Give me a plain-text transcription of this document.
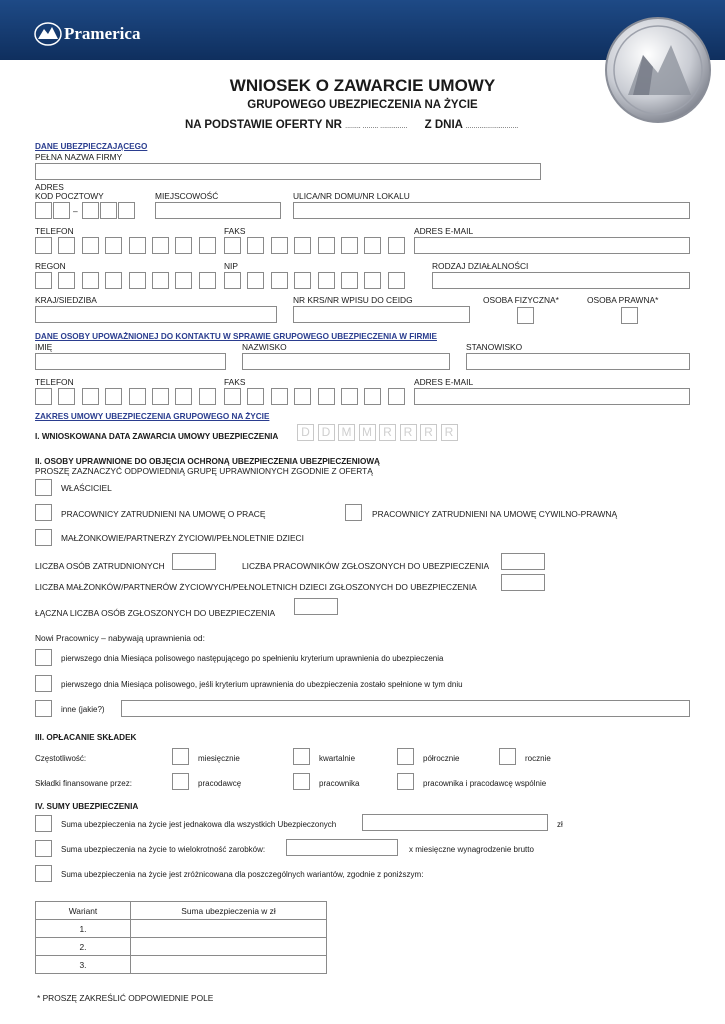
Pramerica
WNIOSEK O ZAWARCIE UMOWY
GRUPOWEGO UBEZPIECZENIA NA ŻYCIE
NA PODSTAWIE OFERTY NR ........ ........ .............. Z DNIA ...........................
DANE UBEZPIECZAJĄCEGO
PEŁNA NAZWA FIRMY
ADRES
KOD POCZTOWY	MIEJSCOWOŚĆ	ULICA/NR DOMU/NR LOKALU
–
TELEFON	FAKS	ADRES E-MAIL
REGON	NIP	RODZAJ DZIAŁALNOŚCI
KRAJ/SIEDZIBA	NR KRS/NR WPISU DO CEIDG	OSOBA FIZYCZNA*	OSOBA PRAWNA*
DANE OSOBY UPOWAŻNIONEJ DO KONTAKTU W SPRAWIE GRUPOWEGO UBEZPIECZENIA W FIRMIE
IMIĘ	NAZWISKO	STANOWISKO
TELEFON	FAKS	ADRES E-MAIL
ZAKRES UMOWY UBEZPIECZENIA GRUPOWEGO NA ŻYCIE
I. WNIOSKOWANA DATA ZAWARCIA UMOWY UBEZPIECZENIA
II. OSOBY UPRAWNIONE DO OBJĘCIA OCHRONĄ UBEZPIECZENIA UBEZPIECZENIOWĄ
PROSZĘ ZAZNACZYĆ ODPOWIEDNIĄ GRUPĘ UPRAWNIONYCH ZGODNIE Z OFERTĄ
WŁAŚCICIEL
PRACOWNICY ZATRUDNIENI NA UMOWĘ O PRACĘ	PRACOWNICY ZATRUDNIENI NA UMOWĘ CYWILNO-PRAWNĄ
MAŁŻONKOWIE/PARTNERZY ŻYCIOWI/PEŁNOLETNIE DZIECI
LICZBA OSÓB ZATRUDNIONYCH	LICZBA PRACOWNIKÓW ZGŁOSZONYCH DO UBEZPIECZENIA
LICZBA MAŁŻONKÓW/PARTNERÓW ŻYCIOWYCH/PEŁNOLETNICH DZIECI ZGŁOSZONYCH DO UBEZPIECZENIA
ŁĄCZNA LICZBA OSÓB ZGŁOSZONYCH DO UBEZPIECZENIA
Nowi Pracownicy – nabywają uprawnienia od:
pierwszego dnia Miesiąca polisowego następującego po spełnieniu kryterium uprawnienia do ubezpieczenia
pierwszego dnia Miesiąca polisowego, jeśli kryterium uprawnienia do ubezpieczenia zostało spełnione w tym dniu
inne (jakie?)
III. OPŁACANIE SKŁADEK
Częstotliwość:	miesięcznie	kwartalnie	półrocznie	rocznie
Składki finansowane przez:	pracodawcę	pracownika	pracownika i pracodawcę wspólnie
IV. SUMY UBEZPIECZENIA
Suma ubezpieczenia na życie jest jednakowa dla wszystkich Ubezpieczonych	zł
Suma ubezpieczenia na życie to wielokrotność zarobków:	x miesięczne wynagrodzenie brutto
Suma ubezpieczenia na życie jest zróżnicowana dla poszczególnych wariantów, zgodnie z poniższym:
Wariant	Suma ubezpieczenia w zł
1.	
2.	
3.	
* PROSZĘ ZAKREŚLIĆ ODPOWIEDNIE POLE
D D M M R R R R
